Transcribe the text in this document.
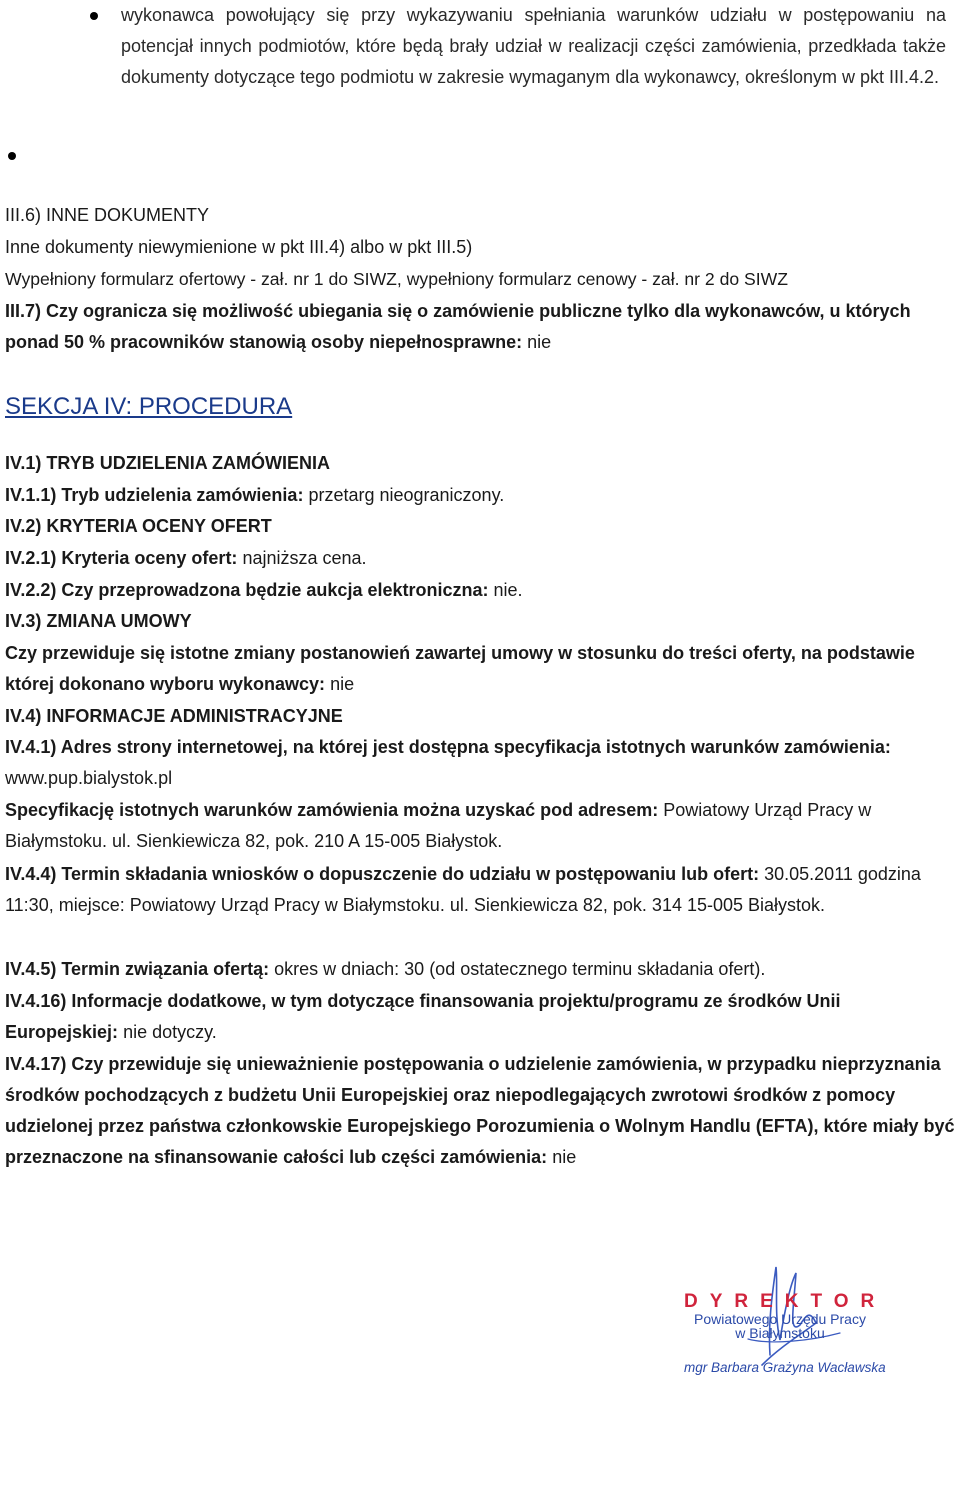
wykonawca powołujący się przy wykazywaniu spełniania warunków udziału w postępowaniu na potencjał innych podmiotów, które będą brały udział w realizacji części zamówienia, przedkłada także dokumenty dotyczące tego podmiotu w zakresie wymaganym dla wykonawcy, określonym w pkt III.4.2.

III.6) INNE DOKUMENTY

Inne dokumenty niewymienione w pkt III.4) albo w pkt III.5)

Wypełniony formularz ofertowy - zał. nr 1 do SIWZ, wypełniony formularz cenowy - zał. nr 2 do SIWZ

III.7) Czy ogranicza się możliwość ubiegania się o zamówienie publiczne tylko dla wykonawców, u których ponad 50 % pracowników stanowią osoby niepełnosprawne: nie

SEKCJA IV: PROCEDURA

IV.1) TRYB UDZIELENIA ZAMÓWIENIA

IV.1.1) Tryb udzielenia zamówienia: przetarg nieograniczony.

IV.2) KRYTERIA OCENY OFERT

IV.2.1) Kryteria oceny ofert: najniższa cena.

IV.2.2) Czy przeprowadzona będzie aukcja elektroniczna: nie.

IV.3) ZMIANA UMOWY

Czy przewiduje się istotne zmiany postanowień zawartej umowy w stosunku do treści oferty, na podstawie której dokonano wyboru wykonawcy: nie

IV.4) INFORMACJE ADMINISTRACYJNE

IV.4.1) Adres strony internetowej, na której jest dostępna specyfikacja istotnych warunków zamówienia: www.pup.bialystok.pl

Specyfikację istotnych warunków zamówienia można uzyskać pod adresem: Powiatowy Urząd Pracy w Białymstoku. ul. Sienkiewicza 82, pok. 210 A 15-005 Białystok.

IV.4.4) Termin składania wniosków o dopuszczenie do udziału w postępowaniu lub ofert: 30.05.2011 godzina 11:30, miejsce: Powiatowy Urząd Pracy w Białymstoku. ul. Sienkiewicza 82, pok. 314 15-005 Białystok.

IV.4.5) Termin związania ofertą: okres w dniach: 30 (od ostatecznego terminu składania ofert).

IV.4.16) Informacje dodatkowe, w tym dotyczące finansowania projektu/programu ze środków Unii Europejskiej: nie dotyczy.

IV.4.17) Czy przewiduje się unieważnienie postępowania o udzielenie zamówienia, w przypadku nieprzyznania środków pochodzących z budżetu Unii Europejskiej oraz niepodlegających zwrotowi środków z pomocy udzielonej przez państwa członkowskie Europejskiego Porozumienia o Wolnym Handlu (EFTA), które miały być przeznaczone na sfinansowanie całości lub części zamówienia: nie

DYREKTOR
Powiatowego Urzędu Pracy
w Białymstoku
mgr Barbara Grażyna Wacławska
